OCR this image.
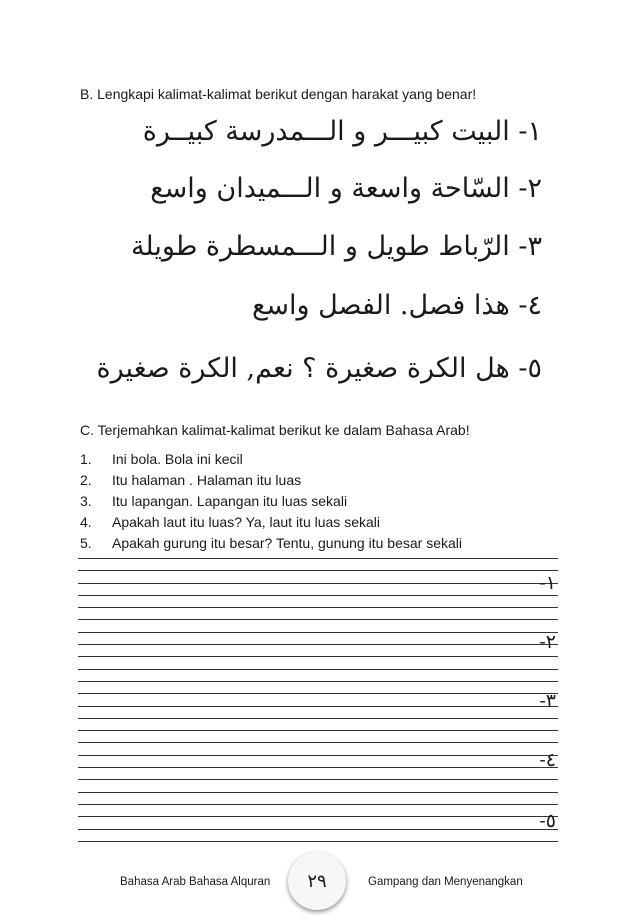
B. Lengkapi kalimat-kalimat berikut dengan harakat yang benar!
١- البيت كبيـــر و الـــمدرسة كبيــرة
٢- السّاحة واسعة و الـــميدان واسع
٣- الرّباط طويل و الـــمسطرة طويلة
٤- هذا فصل. الفصل واسع
٥- هل الكرة صغيرة ؟ نعم, الكرة صغيرة
C. Terjemahkan kalimat-kalimat berikut ke dalam Bahasa Arab!
1.	Ini bola. Bola ini kecil
2.	Itu halaman . Halaman itu luas
3.	Itu lapangan. Lapangan itu luas sekali
4.	Apakah laut itu luas? Ya, laut itu luas sekali
5.	Apakah gurung itu besar? Tentu, gunung itu besar sekali
١-
٢-
٣-
٤-
٥-
Bahasa Arab Bahasa Alquran ٢٩	Gampang dan Menyenangkan
